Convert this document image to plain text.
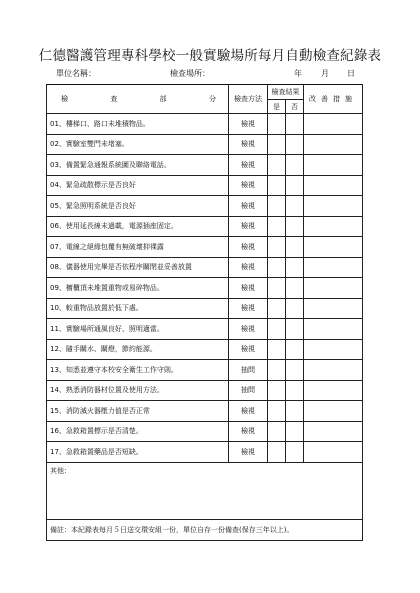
仁德醫護管理專科學校一般實驗場所每月自動檢查紀錄表
單位名稱：	檢查場所：	年 月 日
檢　查　部　分	檢查方法	檢查結果		改善措施
		是	否	
01、樓梯口、路口未堆積物品。	檢視			
02、實驗室雙門未堵塞。	檢視			
03、備置緊急通報系統圖及聯絡電話。	檢視			
04、緊急疏散標示是否良好	檢視			
05、緊急照明系統是否良好	檢視			
06、使用延長線未過載，電源插座固定。	檢視			
07、電線之絕緣包覆有無破壞抑裸露	檢視			
08、儀器使用完畢是否依程序關閉並妥善放置	檢視			
09、櫥櫃頂未堆置重物或易碎物品。	檢視			
10、較重物品放置於低下處。	檢視			
11、實驗場所通風良好、照明適當。	檢視			
12、隨手關水、關燈，節約能源。	檢視			
13、知悉並遵守本校安全衛生工作守則。	抽問			
14、熟悉消防器材位置及使用方法。	抽問			
15、消防滅火器壓力值是否正常	檢視			
16、急救箱置標示是否清楚。	檢視			
17、急救箱置藥品是否短缺。	檢視			
其他：				
備註：本紀錄表每月５日送交環安組一份，單位自存一份備查(保存三年以上)。				
